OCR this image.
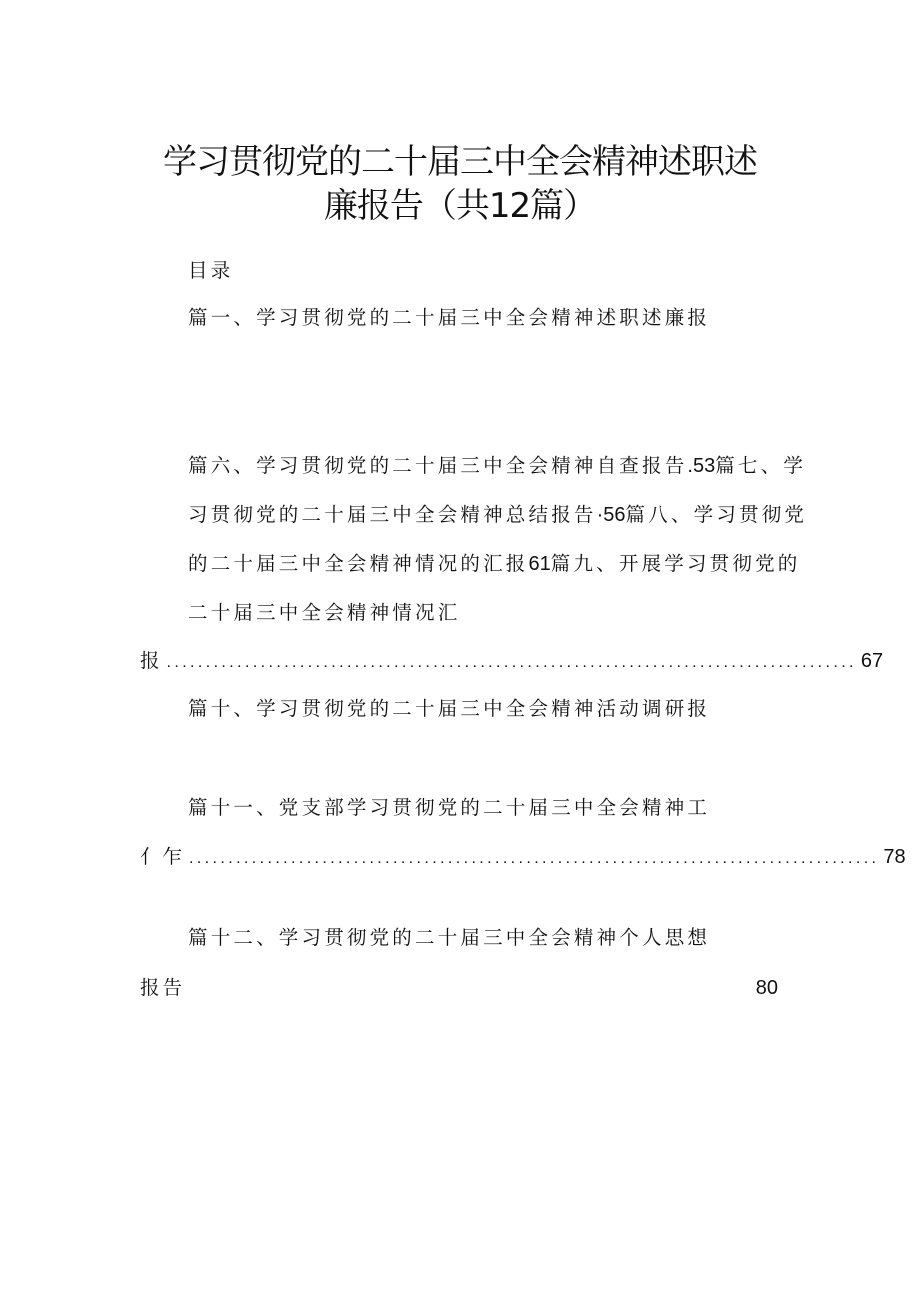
学习贯彻党的二十届三中全会精神述职述
廉报告（共12篇）
目录
篇一、学习贯彻党的二十届三中全会精神述职述廉报
篇六、学习贯彻党的二十届三中全会精神自查报告.53篇七、学
习贯彻党的二十届三中全会精神总结报告·56篇八、学习贯彻党
的二十届三中全会精神情况的汇报61篇九、开展学习贯彻党的
二十届三中全会精神情况汇
报 ........................................................................................ 67
篇十、学习贯彻党的二十届三中全会精神活动调研报
篇十一、党支部学习贯彻党的二十届三中全会精神工
亻乍 ........................................................................................ 78
篇十二、学习贯彻党的二十届三中全会精神个人思想
报告	80
